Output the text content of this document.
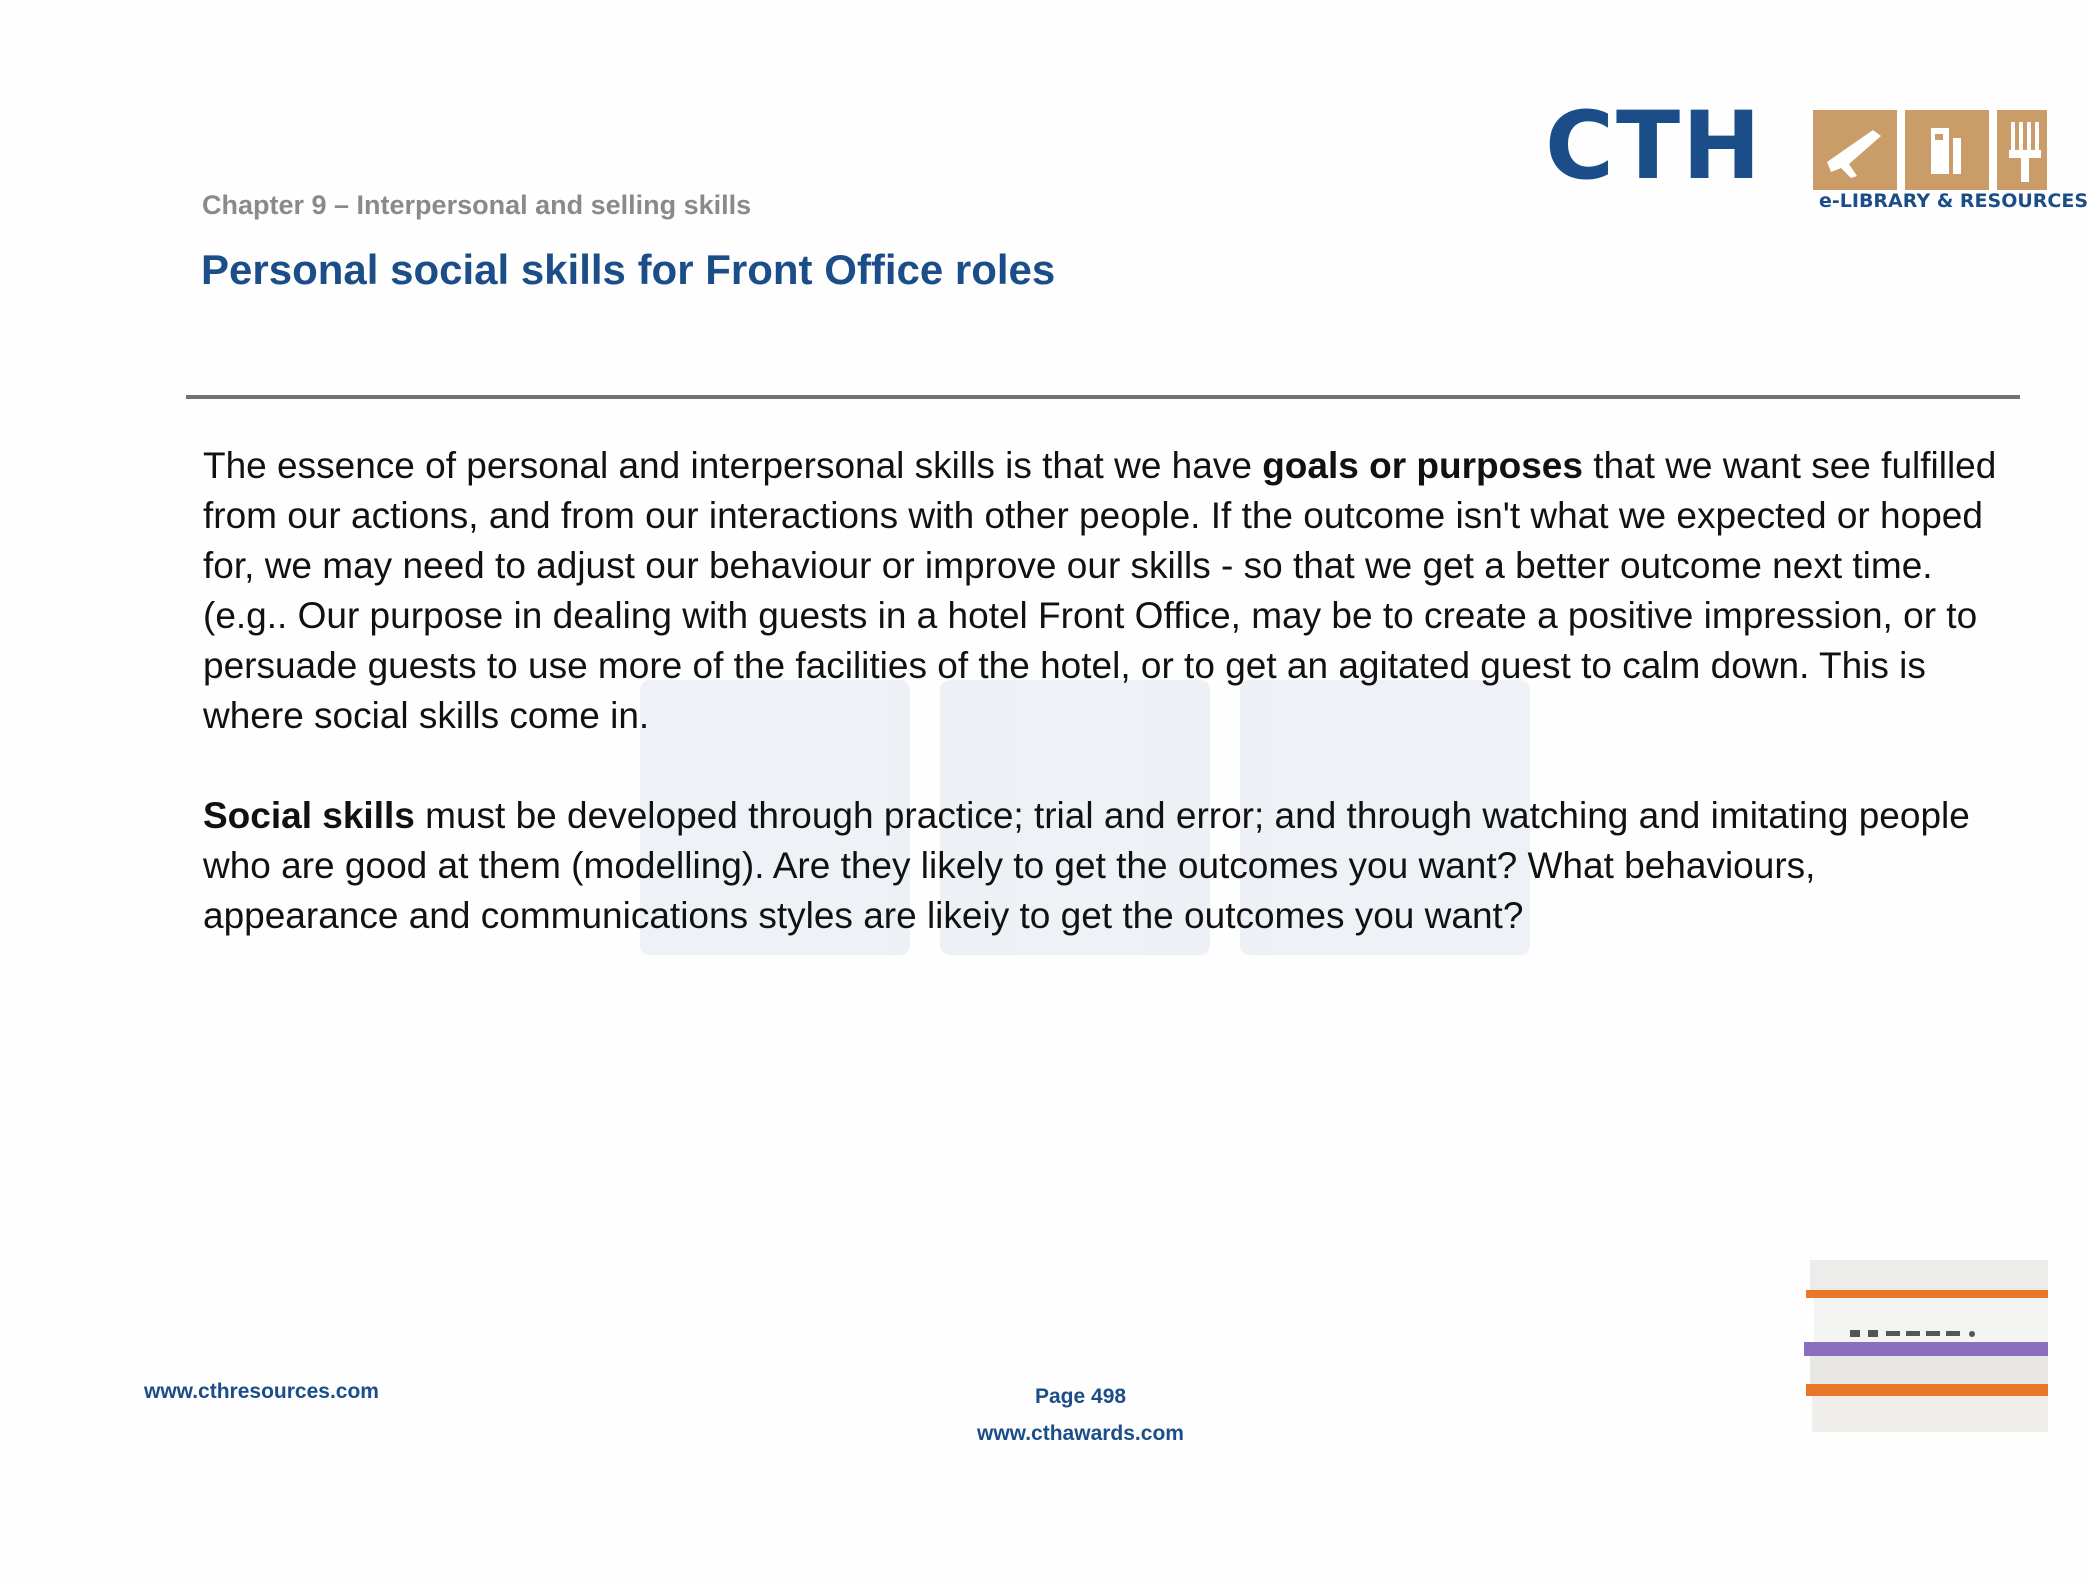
CTH	e-LIBRARY & RESOURCES
Chapter 9 – Interpersonal and selling skills
Personal social skills for Front Office roles

The essence of personal and interpersonal skills is that we have goals or purposes that we want see fulfilled from our actions, and from our interactions with other people. If the outcome isn't what we expected or hoped for, we may need to adjust our behaviour or improve our skills - so that we get a better outcome next time. (e.g.. Our purpose in dealing with guests in a hotel Front Office, may be to create a positive impression, or to persuade guests to use more of the facilities of the hotel, or to get an agitated guest to calm down. This is where social skills come in.

Social skills must be developed through practice; trial and error; and through watching and imitating people who are good at them (modelling). Are they likely to get the outcomes you want? What behaviours, appearance and communications styles are likeiy to get the outcomes you want?

www.cthresources.com	Page 498
www.cthawards.com
